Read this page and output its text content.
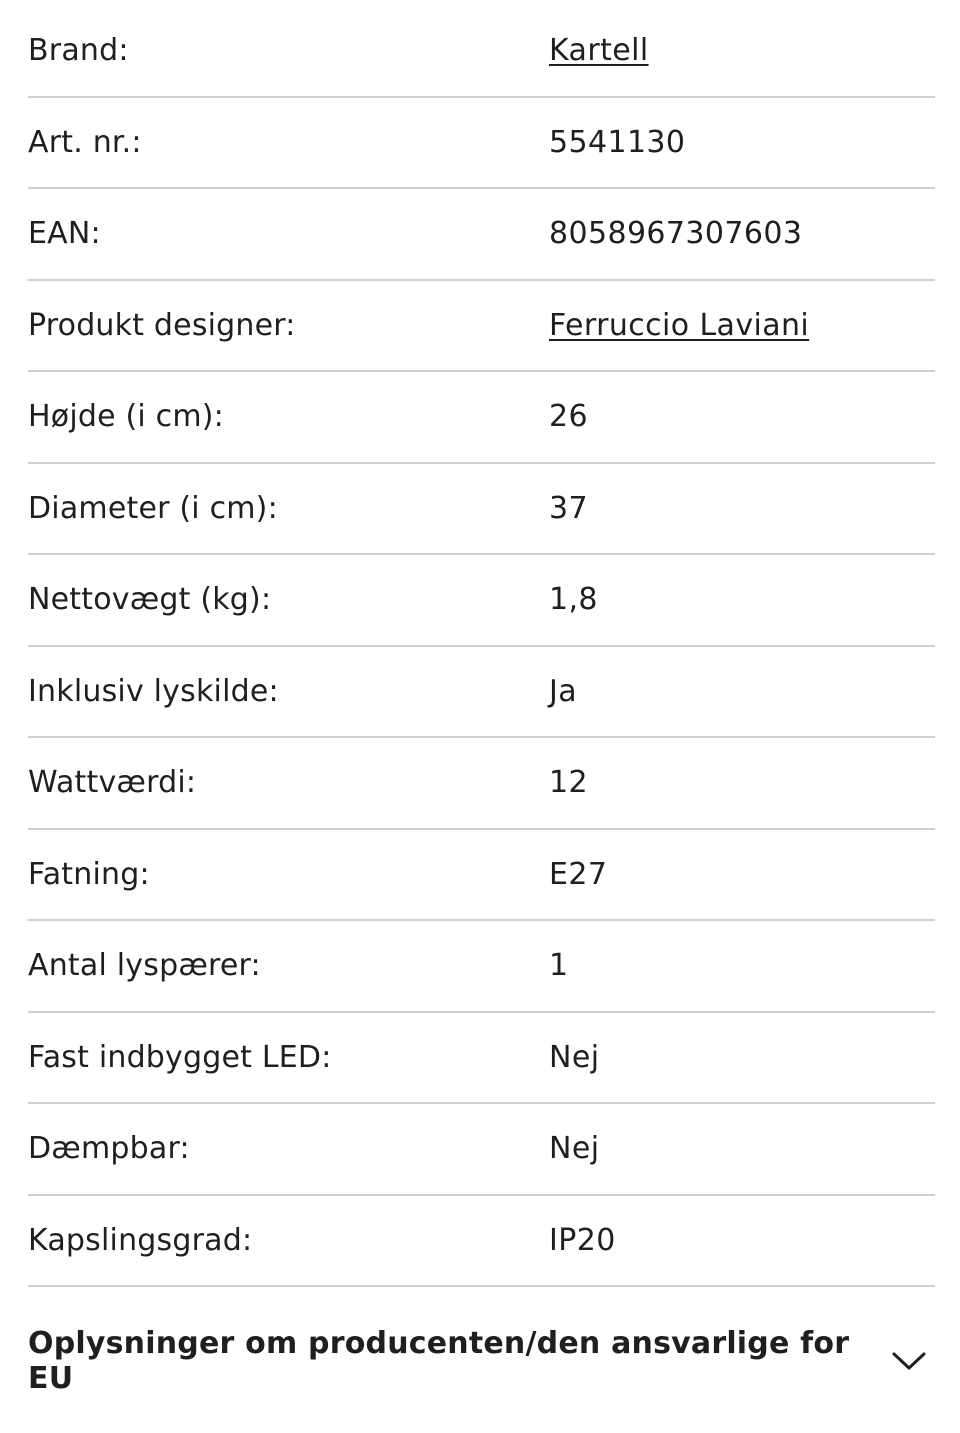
Brand:	Kartell
Art. nr.:	5541130
EAN:	8058967307603
Produkt designer:	Ferruccio Laviani
Højde (i cm):	26
Diameter (i cm):	37
Nettovægt (kg):	1,8
Inklusiv lyskilde:	Ja
Wattværdi:	12
Fatning:	E27
Antal lyspærer:	1
Fast indbygget LED:	Nej
Dæmpbar:	Nej
Kapslingsgrad:	IP20
Oplysninger om producenten/den ansvarlige for EU
